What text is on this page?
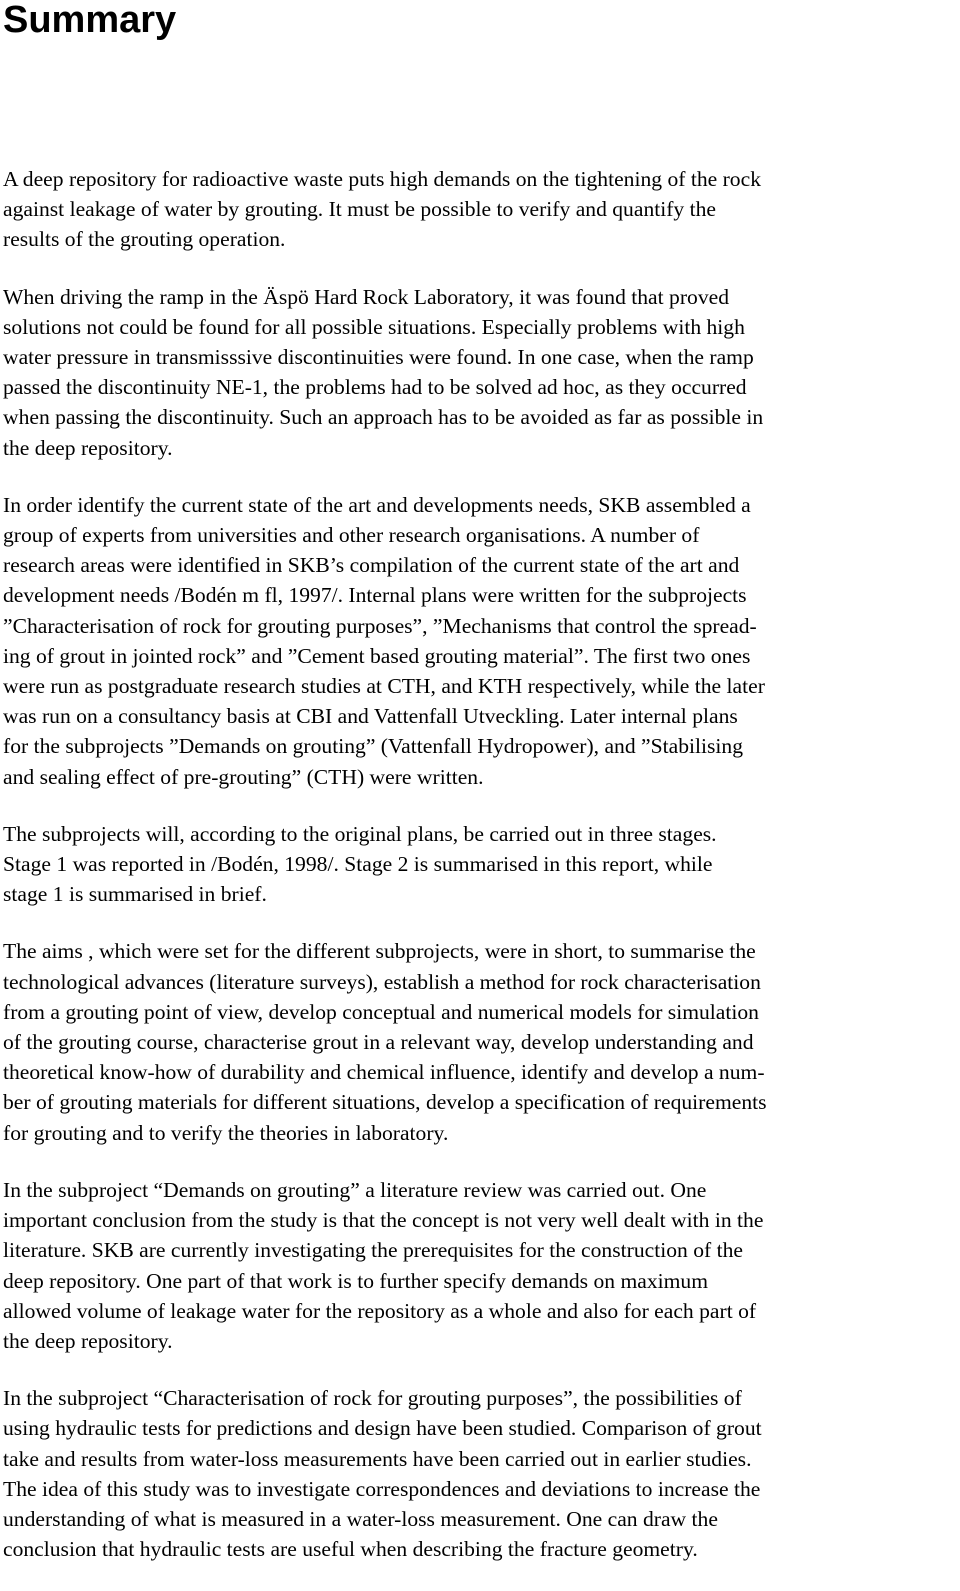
Summary

A deep repository for radioactive waste puts high demands on the tightening of the rock
against leakage of water by grouting. It must be possible to verify and quantify the
results of the grouting operation.

When driving the ramp in the Äspö Hard Rock Laboratory, it was found that proved
solutions not could be found for all possible situations. Especially problems with high
water pressure in transmisssive discontinuities were found. In one case, when the ramp
passed the discontinuity NE-1, the problems had to be solved ad hoc, as they occurred
when passing the discontinuity. Such an approach has to be avoided as far as possible in
the deep repository.

In order identify the current state of the art and developments needs, SKB assembled a
group of experts from universities and other research organisations. A number of
research areas were identified in SKB’s compilation of the current state of the art and
development needs /Bodén m fl, 1997/. Internal plans were written for the subprojects
”Characterisation of rock for grouting purposes”, ”Mechanisms that control the spread-
ing of grout in jointed rock” and ”Cement based grouting material”. The first two ones
were run as postgraduate research studies at CTH, and KTH respectively, while the later
was run on a consultancy basis at CBI and Vattenfall Utveckling. Later internal plans
for the subprojects ”Demands on grouting” (Vattenfall Hydropower), and ”Stabilising
and sealing effect of pre-grouting” (CTH) were written.

The subprojects will, according to the original plans, be carried out in three stages.
Stage 1 was reported in /Bodén, 1998/. Stage 2 is summarised in this report, while
stage 1 is summarised in brief.

The aims , which were set for the different subprojects, were in short, to summarise the
technological advances (literature surveys), establish a method for rock characterisation
from a grouting point of view, develop conceptual and numerical models for simulation
of the grouting course, characterise grout in a relevant way, develop understanding and
theoretical know-how of durability and chemical influence, identify and develop a num-
ber of grouting materials for different situations, develop a specification of requirements
for grouting and to verify the theories in laboratory.

In the subproject “Demands on grouting” a literature review was carried out. One
important conclusion from the study is that the concept is not very well dealt with in the
literature. SKB are currently investigating the prerequisites for the construction of the
deep repository. One part of that work is to further specify demands on maximum
allowed volume of leakage water for the repository as a whole and also for each part of
the deep repository.

In the subproject “Characterisation of rock for grouting purposes”, the possibilities of
using hydraulic tests for predictions and design have been studied. Comparison of grout
take and results from water-loss measurements have been carried out in earlier studies.
The idea of this study was to investigate correspondences and deviations to increase the
understanding of what is measured in a water-loss measurement. One can draw the
conclusion that hydraulic tests are useful when describing the fracture geometry.
